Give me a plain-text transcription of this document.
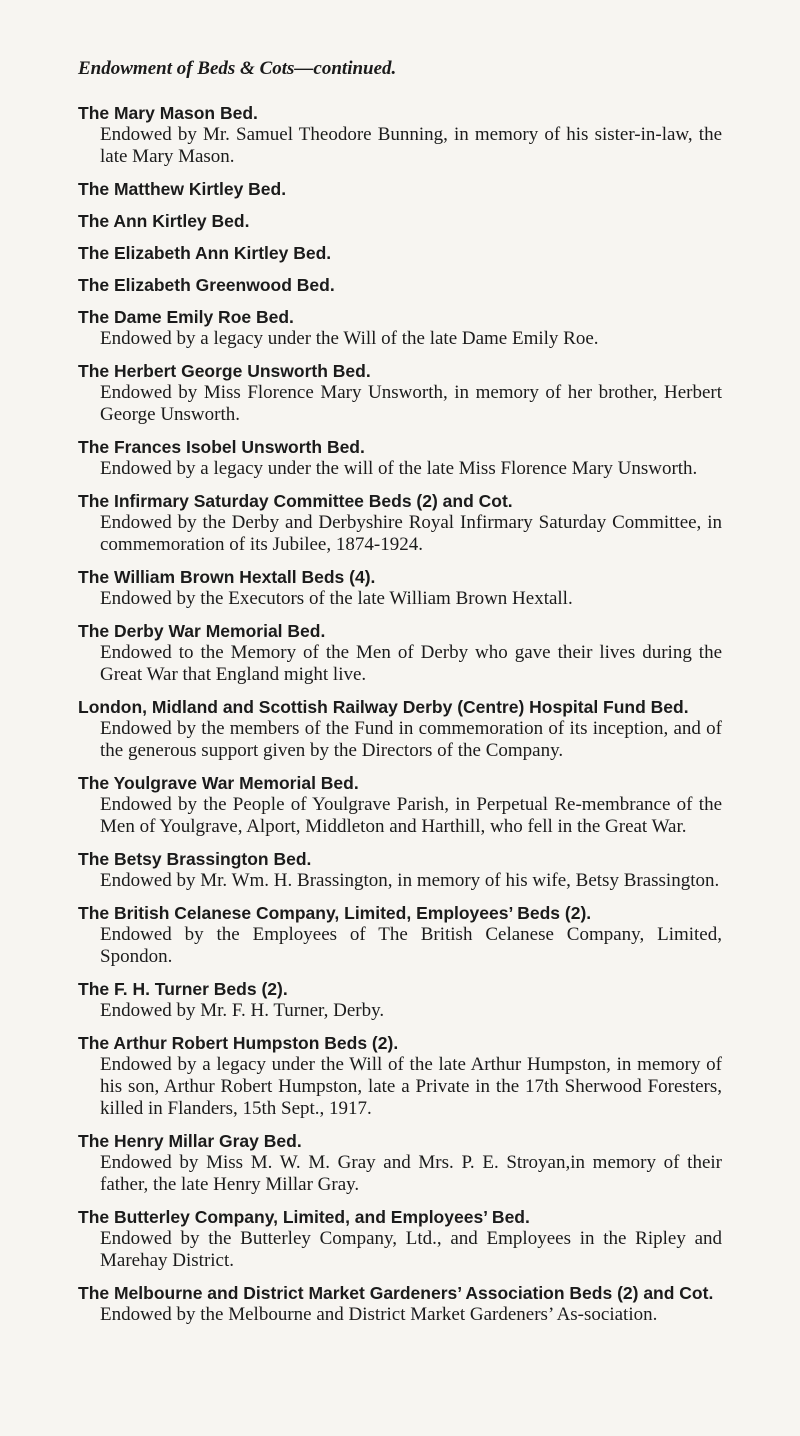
Endowment of Beds & Cots—continued.
The Mary Mason Bed.
Endowed by Mr. Samuel Theodore Bunning, in memory of his sister-in-law, the late Mary Mason.
The Matthew Kirtley Bed.
The Ann Kirtley Bed.
The Elizabeth Ann Kirtley Bed.
The Elizabeth Greenwood Bed.
The Dame Emily Roe Bed.
Endowed by a legacy under the Will of the late Dame Emily Roe.
The Herbert George Unsworth Bed.
Endowed by Miss Florence Mary Unsworth, in memory of her brother, Herbert George Unsworth.
The Frances Isobel Unsworth Bed.
Endowed by a legacy under the will of the late Miss Florence Mary Unsworth.
The Infirmary Saturday Committee Beds (2) and Cot.
Endowed by the Derby and Derbyshire Royal Infirmary Saturday Committee, in commemoration of its Jubilee, 1874-1924.
The William Brown Hextall Beds (4).
Endowed by the Executors of the late William Brown Hextall.
The Derby War Memorial Bed.
Endowed to the Memory of the Men of Derby who gave their lives during the Great War that England might live.
London, Midland and Scottish Railway Derby (Centre) Hospital Fund Bed.
Endowed by the members of the Fund in commemoration of its inception, and of the generous support given by the Directors of the Company.
The Youlgrave War Memorial Bed.
Endowed by the People of Youlgrave Parish, in Perpetual Re-membrance of the Men of Youlgrave, Alport, Middleton and Harthill, who fell in the Great War.
The Betsy Brassington Bed.
Endowed by Mr. Wm. H. Brassington, in memory of his wife, Betsy Brassington.
The British Celanese Company, Limited, Employees’ Beds (2).
Endowed by the Employees of The British Celanese Company, Limited, Spondon.
The F. H. Turner Beds (2).
Endowed by Mr. F. H. Turner, Derby.
The Arthur Robert Humpston Beds (2).
Endowed by a legacy under the Will of the late Arthur Humpston, in memory of his son, Arthur Robert Humpston, late a Private in the 17th Sherwood Foresters, killed in Flanders, 15th Sept., 1917.
The Henry Millar Gray Bed.
Endowed by Miss M. W. M. Gray and Mrs. P. E. Stroyan,in memory of their father, the late Henry Millar Gray.
The Butterley Company, Limited, and Employees’ Bed.
Endowed by the Butterley Company, Ltd., and Employees in the Ripley and Marehay District.
The Melbourne and District Market Gardeners’ Association Beds (2) and Cot.
Endowed by the Melbourne and District Market Gardeners’ As-sociation.
